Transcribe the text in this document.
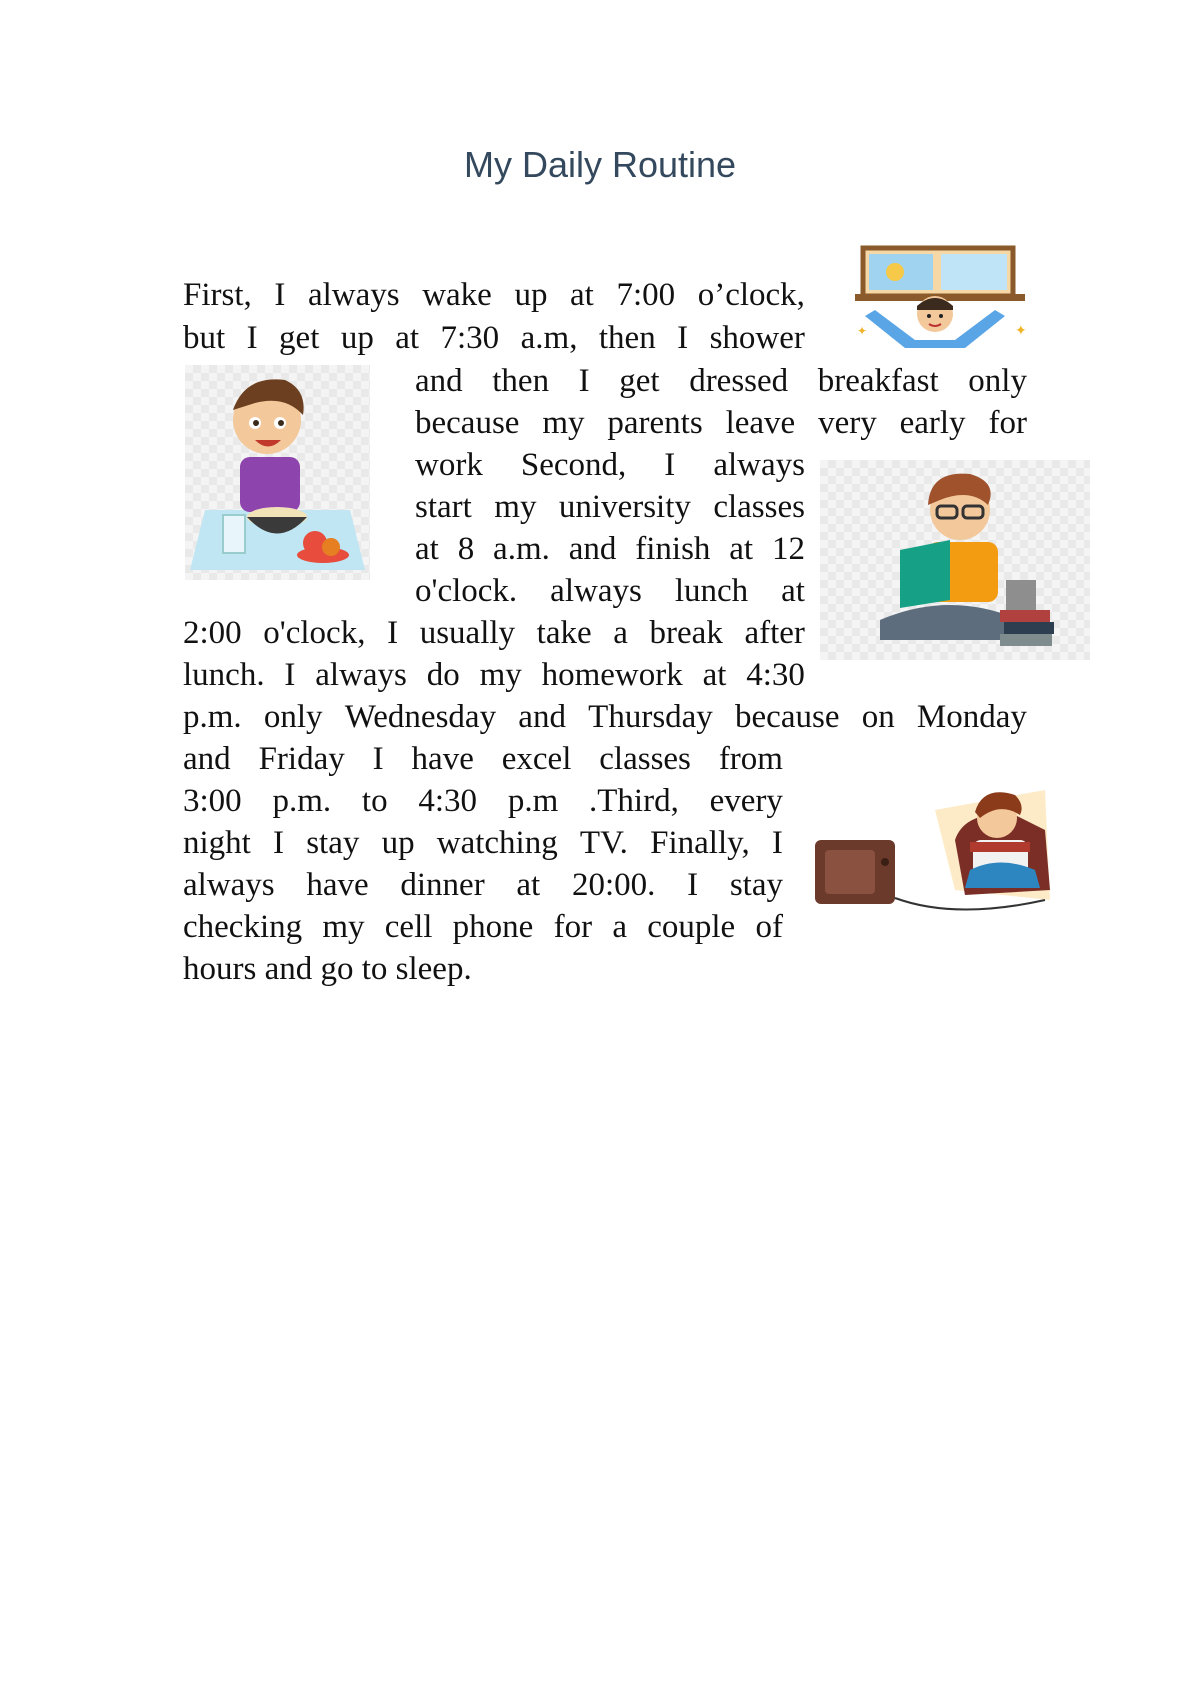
My Daily Routine
✦
✦
First, I always wake up at 7:00 o’clock,
but I get up at 7:30 a.m, then I shower
and then I get dressed breakfast only
because my parents leave very early for
work Second, I always
start my university classes
at 8 a.m. and finish at 12
o'clock. always lunch at
2:00 o'clock, I usually take a break after
lunch. I always do my homework at 4:30
p.m. only Wednesday and Thursday because on Monday
and Friday I have excel classes from
3:00 p.m. to 4:30 p.m .Third, every
night I stay up watching TV. Finally, I
always have dinner at 20:00. I stay
checking my cell phone for a couple of
hours and go to sleep.
